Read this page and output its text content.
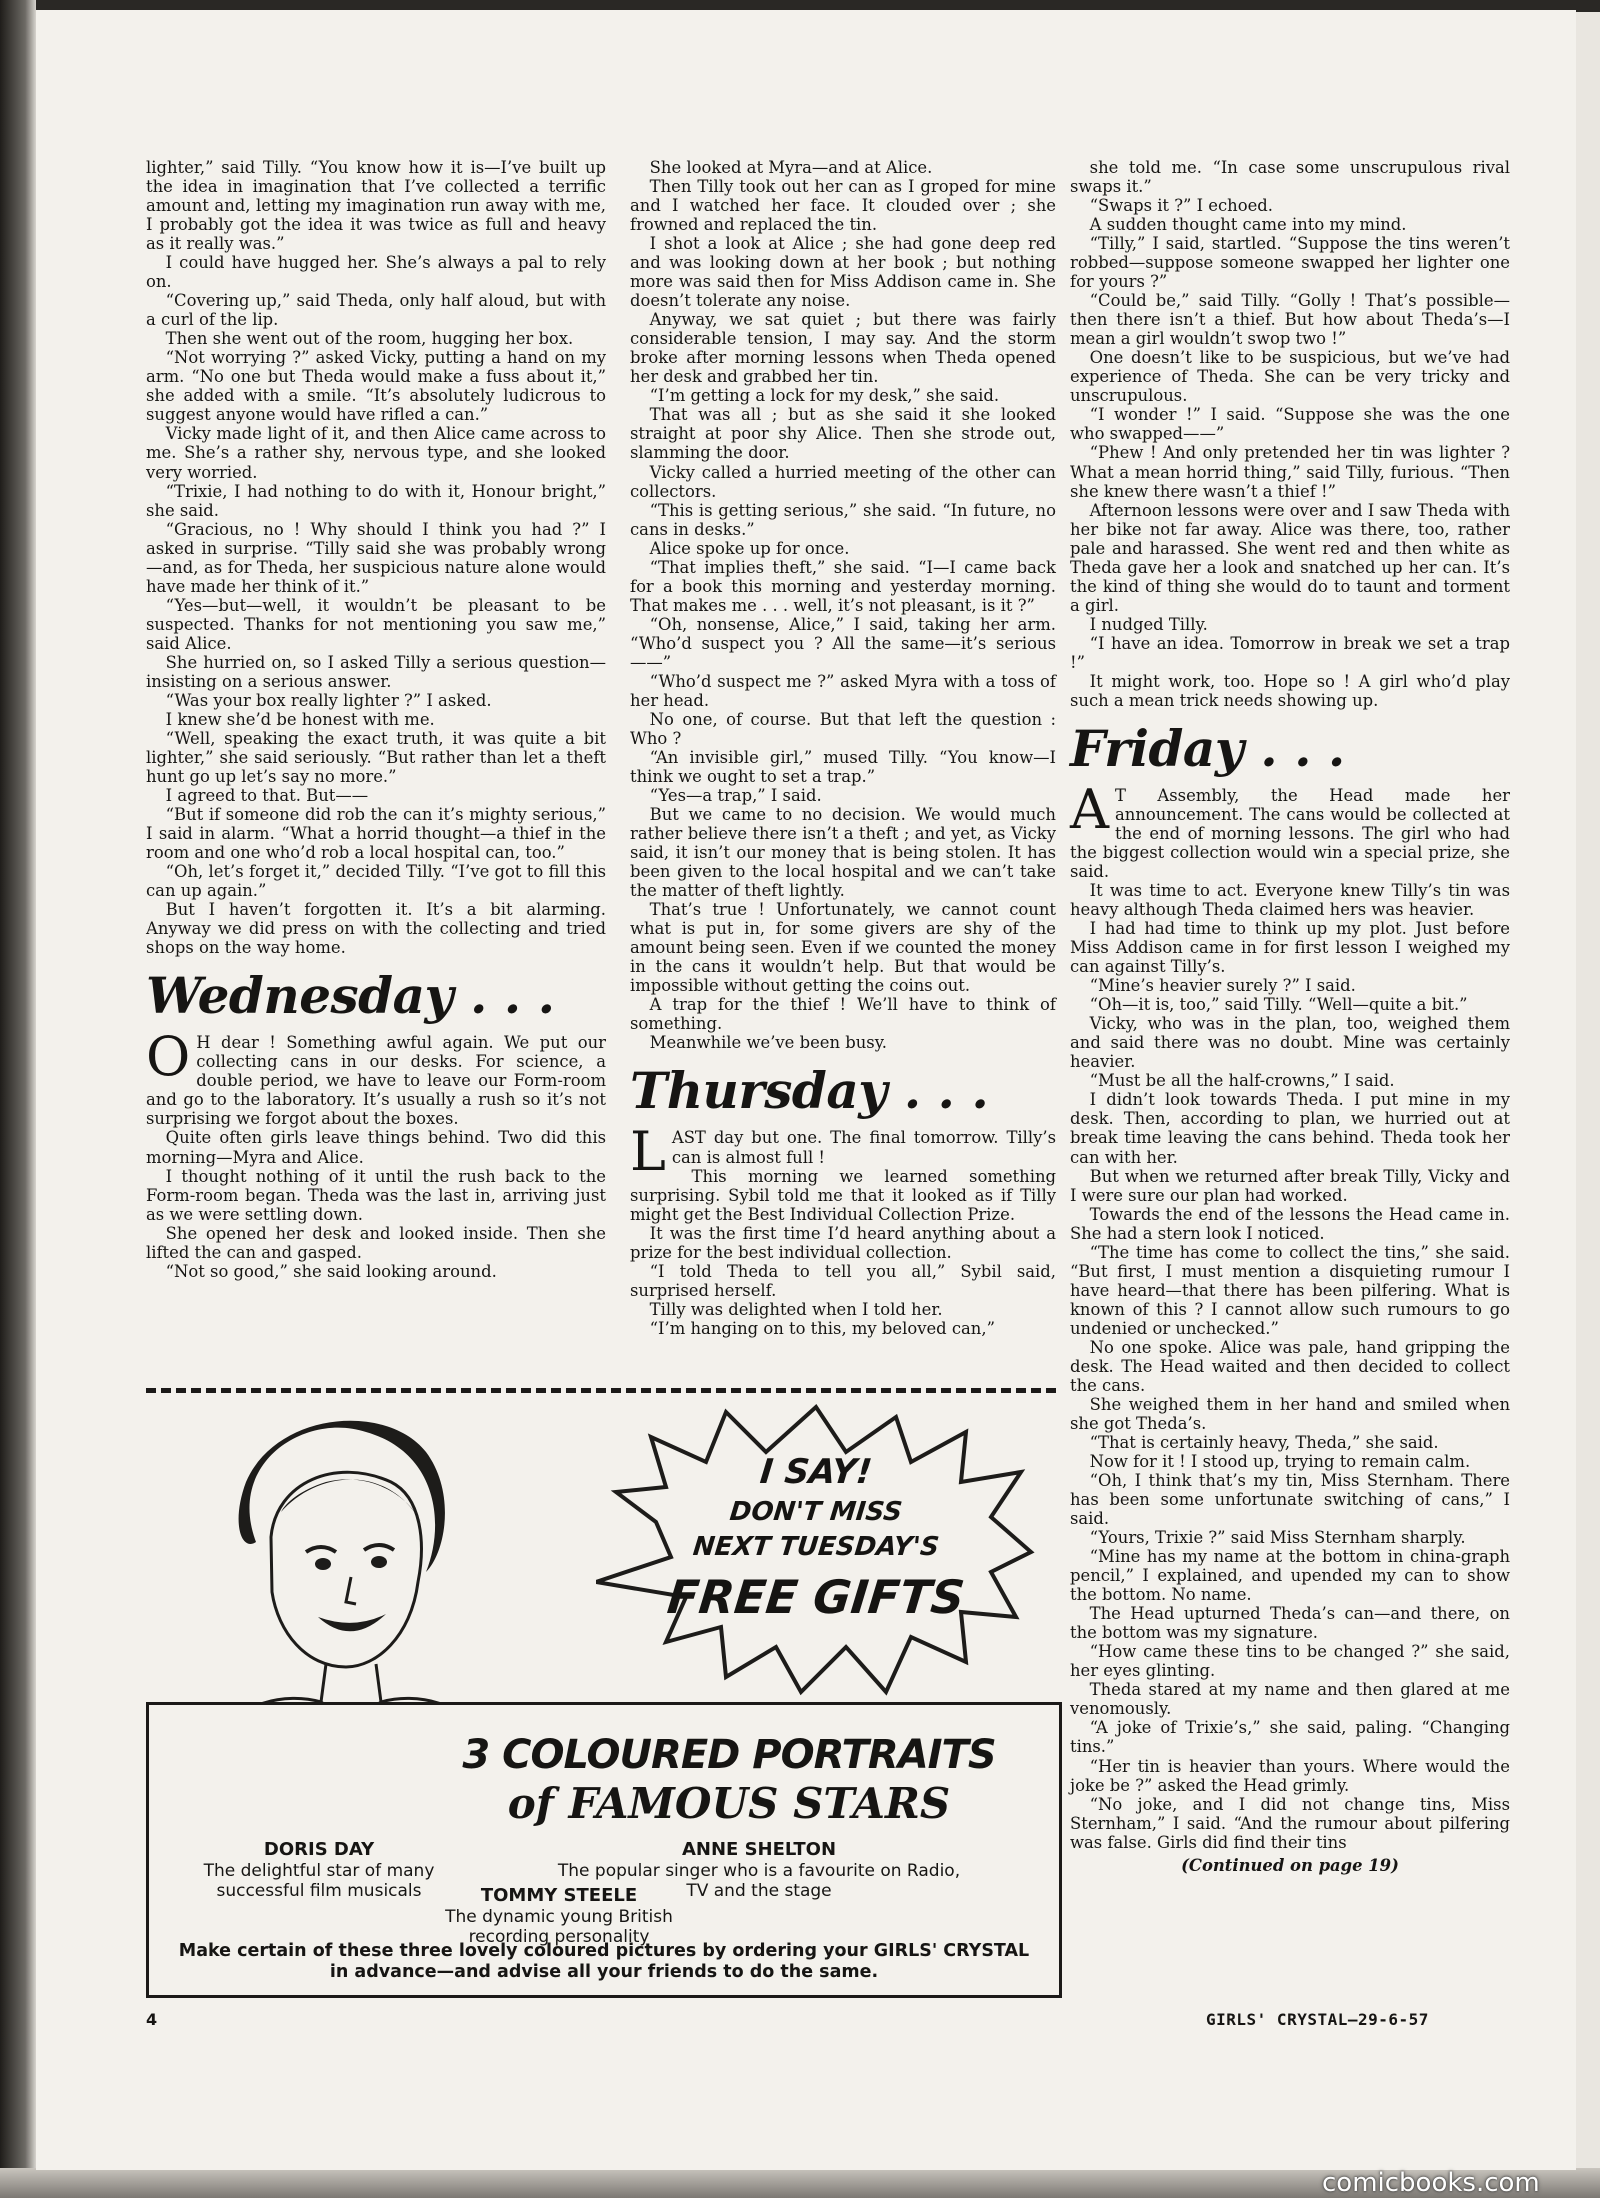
lighter,” said Tilly. “You know how it is—I’ve built up the idea in imagination that I’ve collected a terrific amount and, letting my imagination run away with me, I probably got the idea it was twice as full and heavy as it really was.”

I could have hugged her. She’s always a pal to rely on.

“Covering up,” said Theda, only half aloud, but with a curl of the lip.

Then she went out of the room, hugging her box.

“Not worrying ?” asked Vicky, putting a hand on my arm. “No one but Theda would make a fuss about it,” she added with a smile. “It’s absolutely ludicrous to suggest anyone would have rifled a can.”

Vicky made light of it, and then Alice came across to me. She’s a rather shy, nervous type, and she looked very worried.

“Trixie, I had nothing to do with it, Honour bright,” she said.

“Gracious, no ! Why should I think you had ?” I asked in surprise. “Tilly said she was probably wrong—and, as for Theda, her suspicious nature alone would have made her think of it.”

“Yes—but—well, it wouldn’t be pleasant to be suspected. Thanks for not mentioning you saw me,” said Alice.

She hurried on, so I asked Tilly a serious question—insisting on a serious answer.

“Was your box really lighter ?” I asked.

I knew she’d be honest with me.

“Well, speaking the exact truth, it was quite a bit lighter,” she said seriously. “But rather than let a theft hunt go up let’s say no more.”

I agreed to that. But——

“But if someone did rob the can it’s mighty serious,” I said in alarm. “What a horrid thought—a thief in the room and one who’d rob a local hospital can, too.”

“Oh, let’s forget it,” decided Tilly. “I’ve got to fill this can up again.”

But I haven’t forgotten it. It’s a bit alarming. Anyway we did press on with the collecting and tried shops on the way home.

Wednesday . . .

O H dear ! Something awful again. We put our collecting cans in our desks. For science, a double period, we have to leave our Form-room and go to the laboratory. It’s usually a rush so it’s not surprising we forgot about the boxes.

Quite often girls leave things behind. Two did this morning—Myra and Alice.

I thought nothing of it until the rush back to the Form-room began. Theda was the last in, arriving just as we were settling down.

She opened her desk and looked inside. Then she lifted the can and gasped.

“Not so good,” she said looking around.

She looked at Myra—and at Alice.

Then Tilly took out her can as I groped for mine and I watched her face. It clouded over ; she frowned and replaced the tin.

I shot a look at Alice ; she had gone deep red and was looking down at her book ; but nothing more was said then for Miss Addison came in. She doesn’t tolerate any noise.

Anyway, we sat quiet ; but there was fairly considerable tension, I may say. And the storm broke after morning lessons when Theda opened her desk and grabbed her tin.

“I’m getting a lock for my desk,” she said.

That was all ; but as she said it she looked straight at poor shy Alice. Then she strode out, slamming the door.

Vicky called a hurried meeting of the other can collectors.

“This is getting serious,” she said. “In future, no cans in desks.”

Alice spoke up for once.

“That implies theft,” she said. “I—I came back for a book this morning and yesterday morning. That makes me . . . well, it’s not pleasant, is it ?”

“Oh, nonsense, Alice,” I said, taking her arm. “Who’d suspect you ? All the same—it’s serious——”

“Who’d suspect me ?” asked Myra with a toss of her head.

No one, of course. But that left the question : Who ?

“An invisible girl,” mused Tilly. “You know—I think we ought to set a trap.”

“Yes—a trap,” I said.

But we came to no decision. We would much rather believe there isn’t a theft ; and yet, as Vicky said, it isn’t our money that is being stolen. It has been given to the local hospital and we can’t take the matter of theft lightly.

That’s true ! Unfortunately, we cannot count what is put in, for some givers are shy of the amount being seen. Even if we counted the money in the cans it wouldn’t help. But that would be impossible without getting the coins out.

A trap for the thief ! We’ll have to think of something.

Meanwhile we’ve been busy.

Thursday . . .

LAST day but one. The final tomorrow. Tilly’s can is almost full !

This morning we learned something surprising. Sybil told me that it looked as if Tilly might get the Best Individual Collection Prize.

It was the first time I’d heard anything about a prize for the best individual collection.

“I told Theda to tell you all,” Sybil said, surprised herself.

Tilly was delighted when I told her.

“I’m hanging on to this, my beloved can,”

she told me. “In case some unscrupulous rival swaps it.”

“Swaps it ?” I echoed.

A sudden thought came into my mind.

“Tilly,” I said, startled. “Suppose the tins weren’t robbed—suppose someone swapped her lighter one for yours ?”

“Could be,” said Tilly. “Golly ! That’s possible—then there isn’t a thief. But how about Theda’s—I mean a girl wouldn’t swop two !”

One doesn’t like to be suspicious, but we’ve had experience of Theda. She can be very tricky and unscrupulous.

“I wonder !” I said. “Suppose she was the one who swapped——”

“Phew ! And only pretended her tin was lighter ? What a mean horrid thing,” said Tilly, furious. “Then she knew there wasn’t a thief !”

Afternoon lessons were over and I saw Theda with her bike not far away. Alice was there, too, rather pale and harassed. She went red and then white as Theda gave her a look and snatched up her can. It’s the kind of thing she would do to taunt and torment a girl.

I nudged Tilly.

“I have an idea. Tomorrow in break we set a trap !”

It might work, too. Hope so ! A girl who’d play such a mean trick needs showing up.

Friday . . .

A T Assembly, the Head made her announcement. The cans would be collected at the end of morning lessons. The girl who had the biggest collection would win a special prize, she said.

It was time to act. Everyone knew Tilly’s tin was heavy although Theda claimed hers was heavier.

I had had time to think up my plot. Just before Miss Addison came in for first lesson I weighed my can against Tilly’s.

“Mine’s heavier surely ?” I said.

“Oh—it is, too,” said Tilly. “Well—quite a bit.”

Vicky, who was in the plan, too, weighed them and said there was no doubt. Mine was certainly heavier.

“Must be all the half-crowns,” I said.

I didn’t look towards Theda. I put mine in my desk. Then, according to plan, we hurried out at break time leaving the cans behind. Theda took her can with her.

But when we returned after break Tilly, Vicky and I were sure our plan had worked.

Towards the end of the lessons the Head came in. She had a stern look I noticed.

“The time has come to collect the tins,” she said. “But first, I must mention a disquieting rumour I have heard—that there has been pilfering. What is known of this ? I cannot allow such rumours to go undenied or unchecked.”

No one spoke. Alice was pale, hand gripping the desk. The Head waited and then decided to collect the cans.

She weighed them in her hand and smiled when she got Theda’s.

“That is certainly heavy, Theda,” she said.

Now for it ! I stood up, trying to remain calm.

“Oh, I think that’s my tin, Miss Sternham. There has been some unfortunate switching of cans,” I said.

“Yours, Trixie ?” said Miss Sternham sharply.

“Mine has my name at the bottom in china-graph pencil,” I explained, and upended my can to show the bottom. No name.

The Head upturned Theda’s can—and there, on the bottom was my signature.

“How came these tins to be changed ?” she said, her eyes glinting.

Theda stared at my name and then glared at me venomously.

“A joke of Trixie’s,” she said, paling. “Changing tins.”

“Her tin is heavier than yours. Where would the joke be ?” asked the Head grimly.

“No joke, and I did not change tins, Miss Sternham,” I said. “And the rumour about pilfering was false. Girls did find their tins

(Continued on page 19)

I SAY!
DON'T MISS
NEXT TUESDAY'S
FREE GIFTS
3 COLOURED PORTRAITS
of FAMOUS STARS
DORIS DAY
The delightful star of many successful film musicals
ANNE SHELTON
The popular singer who is a favourite on Radio, TV and the stage
TOMMY STEELE
The dynamic young British recording personality
Make certain of these three lovely coloured pictures by ordering your GIRLS' CRYSTAL in advance—and advise all your friends to do the same.
4	GIRLS' CRYSTAL—29-6-57
comicbooks.com
